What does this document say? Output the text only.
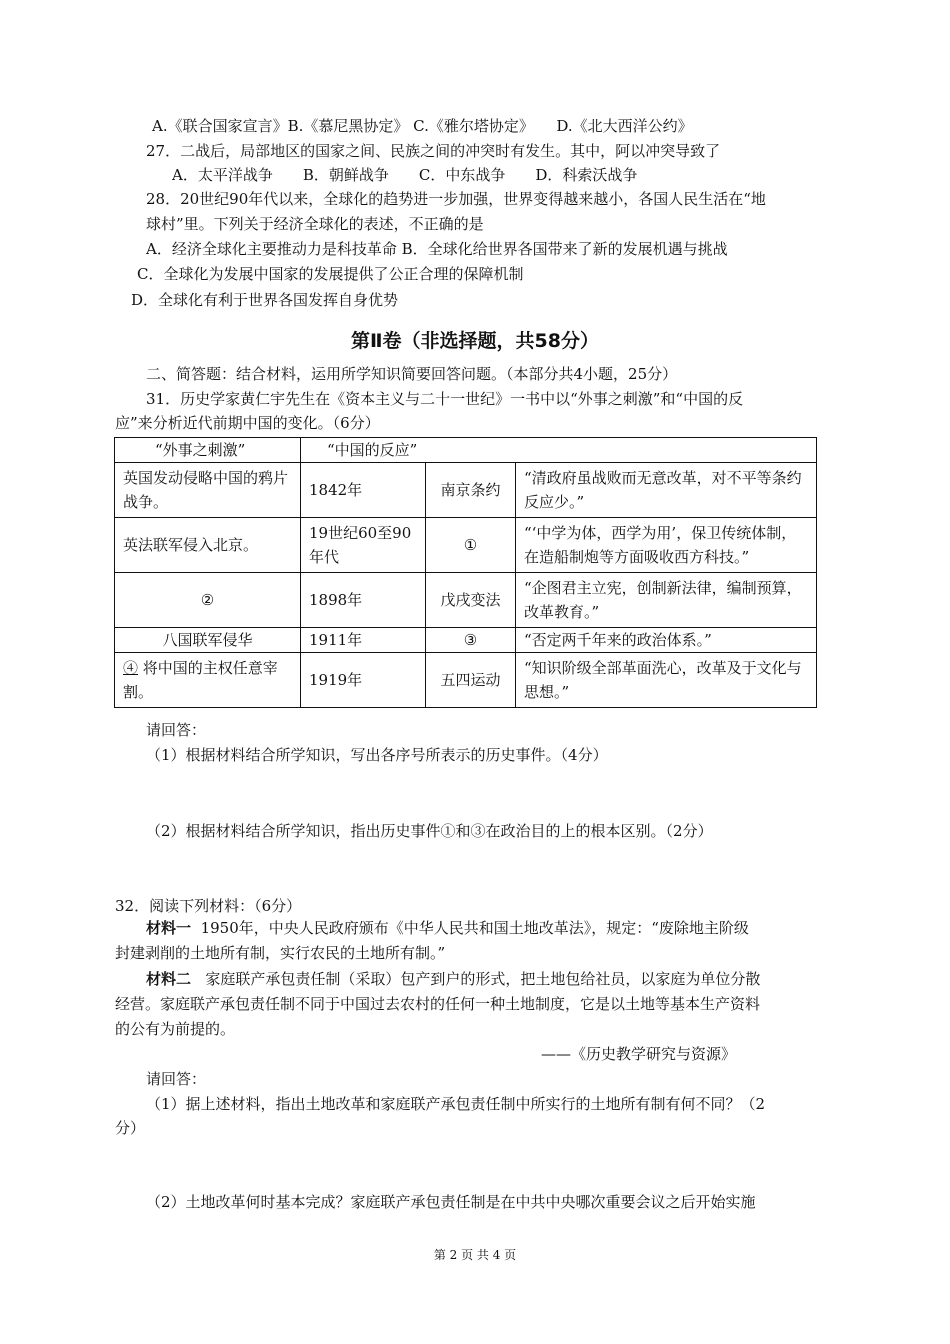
A.《联合国家宣言》B.《慕尼黑协定》 C.《雅尔塔协定》　　D.《北大西洋公约》
27．二战后，局部地区的国家之间、民族之间的冲突时有发生。其中，阿以冲突导致了
A．太平洋战争　　B．朝鲜战争　　C．中东战争　　D．科索沃战争
28．20世纪90年代以来，全球化的趋势进一步加强，世界变得越来越小，各国人民生活在“地
球村”里。下列关于经济全球化的表述，不正确的是
A．经济全球化主要推动力是科技革命 B．全球化给世界各国带来了新的发展机遇与挑战
C．全球化为发展中国家的发展提供了公正合理的保障机制
D．全球化有利于世界各国发挥自身优势
第Ⅱ卷（非选择题，共58分）
二、简答题：结合材料，运用所学知识简要回答问题。（本部分共4小题，25分）
31．历史学家黄仁宇先生在《资本主义与二十一世纪》一书中以“外事之刺激”和“中国的反
应”来分析近代前期中国的变化。（6分）
“外事之刺激”	“中国的反应”		
英国发动侵略中国的鸦片战争。	1842年	南京条约	“清政府虽战败而无意改革，对不平等条约反应少。”
英法联军侵入北京。	19世纪60至90年代	①	“‘中学为体，西学为用’，保卫传统体制，在造船制炮等方面吸收西方科技。”
②	1898年	戊戌变法	“企图君主立宪，创制新法律，编制预算，改革教育。”
八国联军侵华	1911年	③	“否定两千年来的政治体系。”
④ 将中国的主权任意宰割。	1919年	五四运动	“知识阶级全部革面洗心，改革及于文化与思想。”
请回答：
（1）根据材料结合所学知识，写出各序号所表示的历史事件。（4分）
（2）根据材料结合所学知识，指出历史事件①和③在政治目的上的根本区别。（2分）
32．阅读下列材料：（6分）
材料一 1950年，中央人民政府颁布《中华人民共和国土地改革法》，规定：“废除地主阶级
封建剥削的土地所有制，实行农民的土地所有制。”
材料二 家庭联产承包责任制（采取）包产到户的形式，把土地包给社员，以家庭为单位分散
经营。家庭联产承包责任制不同于中国过去农村的任何一种土地制度，它是以土地等基本生产资料
的公有为前提的。
——《历史教学研究与资源》
请回答：
（1）据上述材料，指出土地改革和家庭联产承包责任制中所实行的土地所有制有何不同？（2
分）
（2）土地改革何时基本完成？家庭联产承包责任制是在中共中央哪次重要会议之后开始实施
第 2 页 共 4 页
